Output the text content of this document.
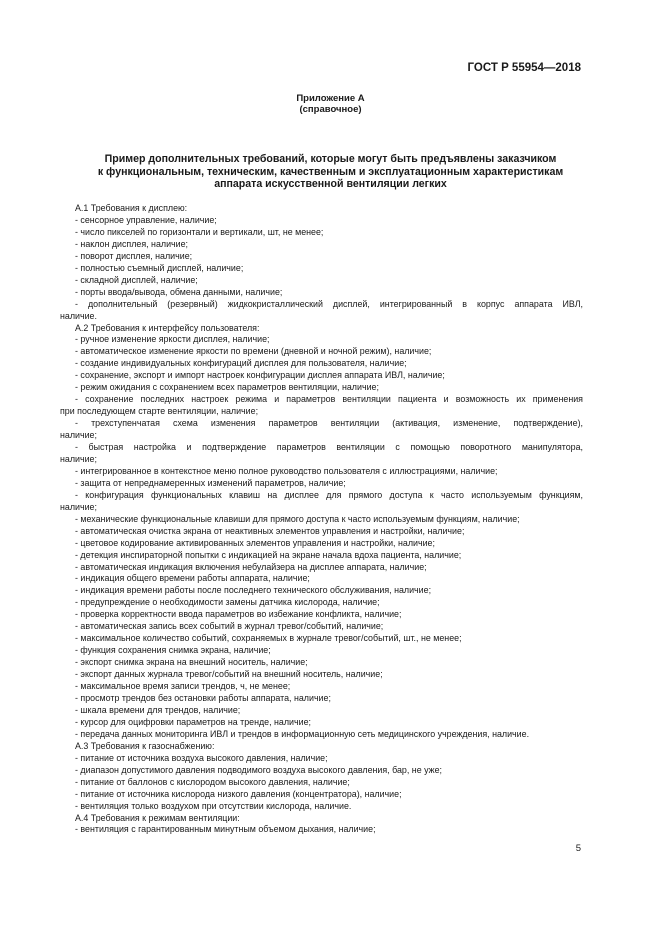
ГОСТ Р 55954—2018
Приложение А
(справочное)
Пример дополнительных требований, которые могут быть предъявлены заказчиком
к функциональным, техническим, качественным и эксплуатационным характеристикам
аппарата искусственной вентиляции легких
А.1 Требования к дисплею:
- сенсорное управление, наличие;
- число пикселей по горизонтали и вертикали, шт, не менее;
- наклон дисплея, наличие;
- поворот дисплея, наличие;
- полностью съемный дисплей, наличие;
- складной дисплей, наличие;
- порты ввода/вывода, обмена данными, наличие;
- дополнительный (резервный) жидкокристаллический дисплей, интегрированный в корпус аппарата ИВЛ,
наличие.
А.2 Требования к интерфейсу пользователя:
- ручное изменение яркости дисплея, наличие;
- автоматическое изменение яркости по времени (дневной и ночной режим), наличие;
- создание индивидуальных конфигураций дисплея для пользователя, наличие;
- сохранение, экспорт и импорт настроек конфигурации дисплея аппарата ИВЛ, наличие;
- режим ожидания с сохранением всех параметров вентиляции, наличие;
- сохранение последних настроек режима и параметров вентиляции пациента и возможность их применения
при последующем старте вентиляции, наличие;
- трехступенчатая схема изменения параметров вентиляции (активация, изменение, подтверждение),
наличие;
- быстрая настройка и подтверждение параметров вентиляции с помощью поворотного манипулятора,
наличие;
- интегрированное в контекстное меню полное руководство пользователя с иллюстрациями, наличие;
- защита от непреднамеренных изменений параметров, наличие;
- конфигурация функциональных клавиш на дисплее для прямого доступа к часто используемым функциям,
наличие;
- механические функциональные клавиши для прямого доступа к часто используемым функциям, наличие;
- автоматическая очистка экрана от неактивных элементов управления и настройки, наличие;
- цветовое кодирование активированных элементов управления и настройки, наличие;
- детекция инспираторной попытки с индикацией на экране начала вдоха пациента, наличие;
- автоматическая индикация включения небулайзера на дисплее аппарата, наличие;
- индикация общего времени работы аппарата, наличие;
- индикация времени работы после последнего технического обслуживания, наличие;
- предупреждение о необходимости замены датчика кислорода, наличие;
- проверка корректности ввода параметров во избежание конфликта, наличие;
- автоматическая запись всех событий в журнал тревог/событий, наличие;
- максимальное количество событий, сохраняемых в журнале тревог/событий, шт., не менее;
- функция сохранения снимка экрана, наличие;
- экспорт снимка экрана на внешний носитель, наличие;
- экспорт данных журнала тревог/событий на внешний носитель, наличие;
- максимальное время записи трендов, ч, не менее;
- просмотр трендов без остановки работы аппарата, наличие;
- шкала времени для трендов, наличие;
- курсор для оцифровки параметров на тренде, наличие;
- передача данных мониторинга ИВЛ и трендов в информационную сеть медицинского учреждения, наличие.
А.3 Требования к газоснабжению:
- питание от источника воздуха высокого давления, наличие;
- диапазон допустимого давления подводимого воздуха высокого давления, бар, не уже;
- питание от баллонов с кислородом высокого давления, наличие;
- питание от источника кислорода низкого давления (концентратора), наличие;
- вентиляция только воздухом при отсутствии кислорода, наличие.
А.4 Требования к режимам вентиляции:
- вентиляция с гарантированным минутным объемом дыхания, наличие;
5
